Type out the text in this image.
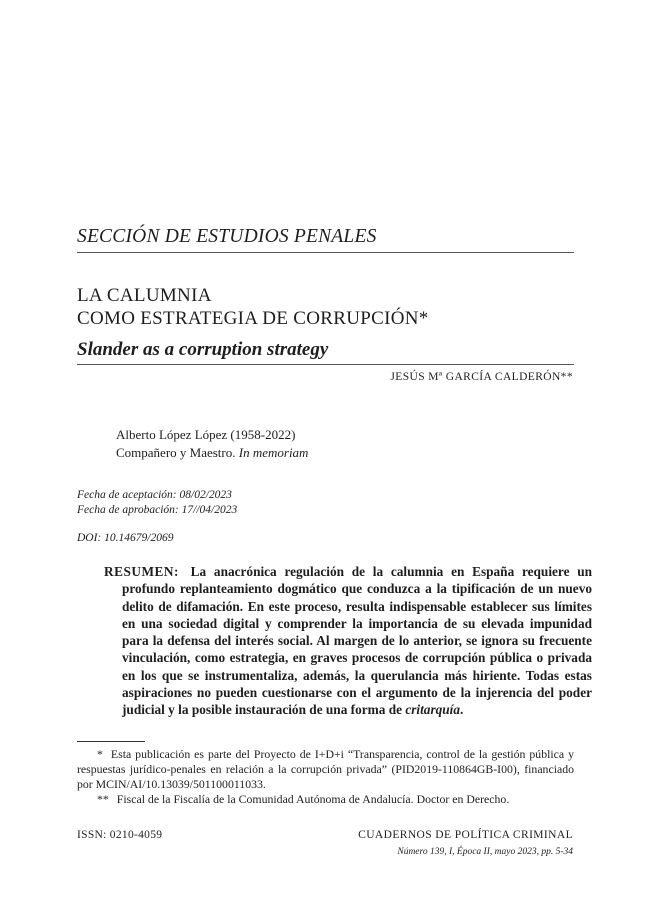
SECCIÓN DE ESTUDIOS PENALES
LA CALUMNIA
COMO ESTRATEGIA DE CORRUPCIÓN*
Slander as a corruption strategy
JESÚS Mª GARCÍA CALDERÓN**
Alberto López López (1958-2022)
Compañero y Maestro. In memoriam
Fecha de aceptación: 08/02/2023
Fecha de aprobación: 17//04/2023
DOI: 10.14679/2069
RESUMEN: La anacrónica regulación de la calumnia en España requiere un profundo replanteamiento dogmático que conduzca a la tipificación de un nuevo delito de difamación. En este proceso, resulta indispensable establecer sus límites en una sociedad digital y comprender la importancia de su elevada impunidad para la defensa del interés social. Al margen de lo anterior, se ignora su frecuente vinculación, como estrategia, en graves procesos de corrupción pública o privada en los que se instrumentaliza, además, la querulancia más hiriente. Todas estas aspiraciones no pueden cuestionarse con el argumento de la injerencia del poder judicial y la posible instauración de una forma de critarquía.
* Esta publicación es parte del Proyecto de I+D+i “Transparencia, control de la gestión pública y respuestas jurídico-penales en relación a la corrupción privada” (PID2019-110864GB-I00), financiado por MCIN/AI/10.13039/501100011033.
** Fiscal de la Fiscalía de la Comunidad Autónoma de Andalucía. Doctor en Derecho.
ISSN: 0210-4059	CUADERNOS DE POLÍTICA CRIMINAL
Número 139, I, Época II, mayo 2023, pp. 5-34
